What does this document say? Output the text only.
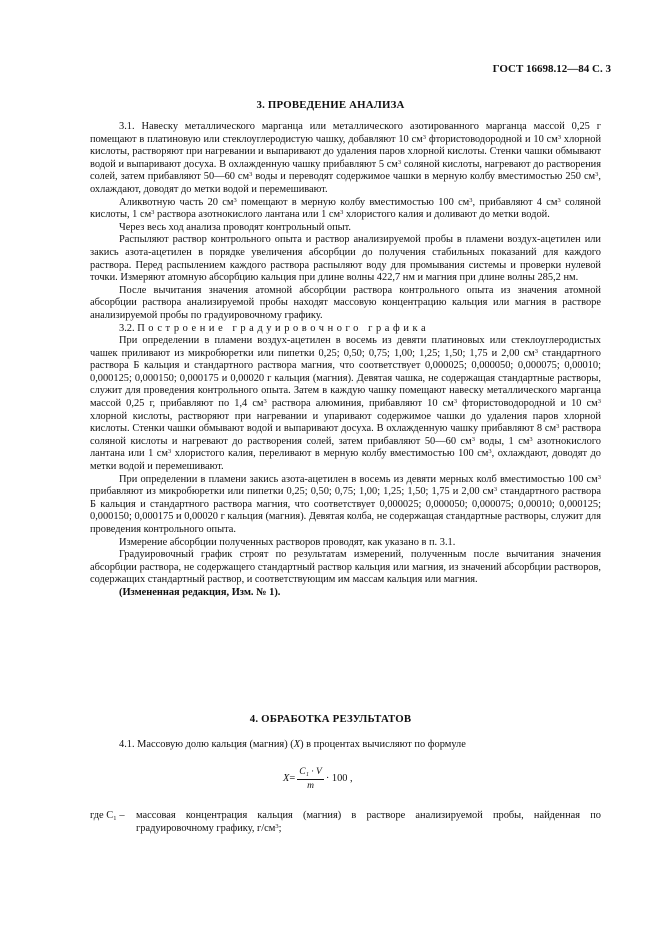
ГОСТ 16698.12—84 С. 3
3. ПРОВЕДЕНИЕ АНАЛИЗА

3.1. Навеску металлического марганца или металлического азотированного марганца массой 0,25 г помещают в платиновую или стеклоуглеродистую чашку, добавляют 10 $см^3$ фтористоводородной и 10 $см^3$ хлорной кислоты, растворяют при нагревании и выпаривают до удаления паров хлорной кислоты. Стенки чашки обмывают водой и выпаривают досуха. В охлажденную чашку прибавляют 5 $см^3$ соляной кислоты, нагревают до растворения солей, затем прибавляют 50—60 $см^3$ воды и переводят содержимое чашки в мерную колбу вместимостью 250 $см^3$, охлаждают, доводят до метки водой и перемешивают.

Аликвотную часть 20 $см^3$ помещают в мерную колбу вместимостью 100 $см^3$, прибавляют 4 $см^3$ соляной кислоты, 1 $см^3$ раствора азотнокислого лантана или 1 $см^3$ хлористого калия и доливают до метки водой.

Через весь ход анализа проводят контрольный опыт.

Распыляют раствор контрольного опыта и раствор анализируемой пробы в пламени воздух-ацетилен или закись азота-ацетилен в порядке увеличения абсорбции до получения стабильных показаний для каждого раствора. Перед распылением каждого раствора распыляют воду для промывания системы и проверки нулевой точки. Измеряют атомную абсорбцию кальция при длине волны 422,7 нм и магния при длине волны 285,2 нм.

После вычитания значения атомной абсорбции раствора контрольного опыта из значения атомной абсорбции раствора анализируемой пробы находят массовую концентрацию кальция или магния в растворе анализируемой пробы по градуировочному графику.

3.2. Построение градуировочного графика

При определении в пламени воздух-ацетилен в восемь из девяти платиновых или стеклоуглеродистых чашек приливают из микробюретки или пипетки 0,25; 0,50; 0,75; 1,00; 1,25; 1,50; 1,75 и 2,00 $см^3$ стандартного раствора Б кальция и стандартного раствора магния, что соответствует 0,000025; 0,000050; 0,000075; 0,00010; 0,000125; 0,000150; 0,000175 и 0,00020 г кальция (магния). Девятая чашка, не содержащая стандартные растворы, служит для проведения контрольного опыта. Затем в каждую чашку помещают навеску металлического марганца массой 0,25 г, прибавляют по 1,4 $см^3$ раствора алюминия, прибавляют 10 $см^3$ фтористоводородной и 10 $см^3$ хлорной кислоты, растворяют при нагревании и упаривают содержимое чашки до удаления паров хлорной кислоты. Стенки чашки обмывают водой и выпаривают досуха. В охлажденную чашку прибавляют 8 $см^3$ раствора соляной кислоты и нагревают до растворения солей, затем прибавляют 50—60 $см^3$ воды, 1 $см^3$ азотнокислого лантана или 1 $см^3$ хлористого калия, переливают в мерную колбу вместимостью 100 $см^3$, охлаждают, доводят до метки водой и перемешивают.

При определении в пламени закись азота-ацетилен в восемь из девяти мерных колб вместимостью 100 $см^3$ прибавляют из микробюретки или пипетки 0,25; 0,50; 0,75; 1,00; 1,25; 1,50; 1,75 и 2,00 $см^3$ стандартного раствора Б кальция и стандартного раствора магния, что соответствует 0,000025; 0,000050; 0,000075; 0,00010; 0,000125; 0,000150; 0,000175 и 0,00020 г кальция (магния). Девятая колба, не содержащая стандартные растворы, служит для проведения контрольного опыта.

Измерение абсорбции полученных растворов проводят, как указано в п. 3.1.

Градуировочный график строят по результатам измерений, полученным после вычитания значения абсорбции раствора, не содержащего стандартный раствор кальция или магния, из значений абсорбции растворов, содержащих стандартный раствор, и соответствующим им массам кальция или магния.

(Измененная редакция, Изм. № 1).

4. ОБРАБОТКА РЕЗУЛЬТАТОВ

4.1. Массовую долю кальция (магния) (X) в процентах вычисляют по формуле

$X = \frac{\text{C₁ · V}}{m} \cdot 100$ ,
где C₁ –	массовая концентрация кальция (магния) в растворе анализируемой пробы, найденная по градуировочному графику, $г/см^3$;
